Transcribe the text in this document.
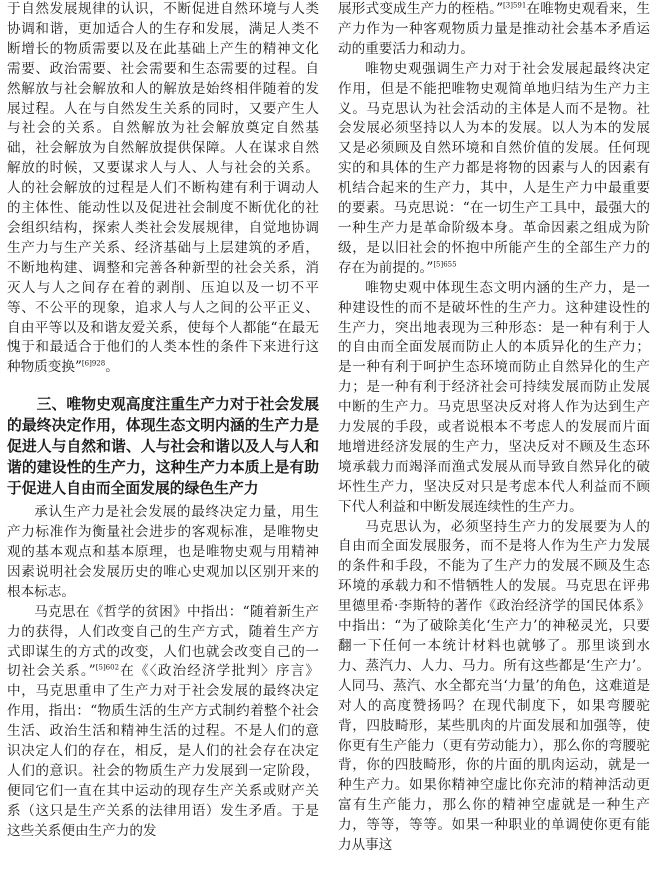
于自然发展规律的认识，不断促进自然环境与人类协调和谐，更加适合人的生存和发展，满足人类不断增长的物质需要以及在此基础上产生的精神文化需要、政治需要、社会需要和生态需要的过程。自然解放与社会解放和人的解放是始终相伴随着的发展过程。人在与自然发生关系的同时，又要产生人与社会的关系。自然解放为社会解放奠定自然基础，社会解放为自然解放提供保障。人在谋求自然解放的时候，又要谋求人与人、人与社会的关系。人的社会解放的过程是人们不断构建有利于调动人的主体性、能动性以及促进社会制度不断优化的社会组织结构，探索人类社会发展规律，自觉地协调生产力与生产关系、经济基础与上层建筑的矛盾，不断地构建、调整和完善各种新型的社会关系，消灭人与人之间存在着的剥削、压迫以及一切不平等、不公平的现象，追求人与人之间的公平正义、自由平等以及和谐友爱关系，使每个人都能“在最无愧于和最适合于他们的人类本性的条件下来进行这种物质变换”$^{[6]928}$。

三、唯物史观高度注重生产力对于社会发展的最终决定作用，体现生态文明内涵的生产力是促进人与自然和谐、人与社会和谐以及人与人和谐的建设性的生产力，这种生产力本质上是有助于促进人自由而全面发展的绿色生产力

承认生产力是社会发展的最终决定力量，用生产力标准作为衡量社会进步的客观标准，是唯物史观的基本观点和基本原理，也是唯物史观与用精神因素说明社会发展历史的唯心史观加以区别开来的根本标志。

马克思在《哲学的贫困》中指出：“随着新生产力的获得，人们改变自己的生产方式，随着生产方式即谋生的方式的改变，人们也就会改变自己的一切社会关系。”$^{[5]602}$在《〈政治经济学批判〉序言》中，马克思重申了生产力对于社会发展的最终决定作用，指出：“物质生活的生产方式制约着整个社会生活、政治生活和精神生活的过程。不是人们的意识决定人们的存在，相反，是人们的社会存在决定人们的意识。社会的物质生产力发展到一定阶段，便同它们一直在其中运动的现存生产关系或财产关系（这只是生产关系的法律用语）发生矛盾。于是这些关系便由生产力的发

展形式变成生产力的桎梏。”$^{[3]591}$在唯物史观看来，生产力作为一种客观物质力量是推动社会基本矛盾运动的重要活力和动力。

唯物史观强调生产力对于社会发展起最终决定作用，但是不能把唯物史观简单地归结为生产力主义。马克思认为社会活动的主体是人而不是物。社会发展必须坚持以人为本的发展。以人为本的发展又是必须顾及自然环境和自然价值的发展。任何现实的和具体的生产力都是将物的因素与人的因素有机结合起来的生产力，其中，人是生产力中最重要的要素。马克思说：“在一切生产工具中，最强大的一种生产力是革命阶级本身。革命因素之组成为阶级，是以旧社会的怀抱中所能产生的全部生产力的存在为前提的。”$^{[5]655}$

唯物史观中体现生态文明内涵的生产力，是一种建设性的而不是破坏性的生产力。这种建设性的生产力，突出地表现为三种形态：是一种有利于人的自由而全面发展而防止人的本质异化的生产力；是一种有利于呵护生态环境而防止自然异化的生产力；是一种有利于经济社会可持续发展而防止发展中断的生产力。马克思坚决反对将人作为达到生产力发展的手段，或者说根本不考虑人的发展而片面地增进经济发展的生产力，坚决反对不顾及生态环境承载力而竭泽而渔式发展从而导致自然异化的破坏性生产力，坚决反对只是考虑本代人利益而不顾下代人利益和中断发展连续性的生产力。

马克思认为，必须坚持生产力的发展要为人的自由而全面发展服务，而不是将人作为生产力发展的条件和手段，不能为了生产力的发展不顾及生态环境的承载力和不惜牺牲人的发展。马克思在评弗里德里希·李斯特的著作《政治经济学的国民体系》中指出：“为了破除美化‘生产力’的神秘灵光，只要翻一下任何一本统计材料也就够了。那里谈到水力、蒸汽力、人力、马力。所有这些都是‘生产力’。人同马、蒸汽、水全都充当‘力量’的角色，这难道是对人的高度赞扬吗？在现代制度下，如果弯腰驼背，四肢畸形，某些肌肉的片面发展和加强等，使你更有生产能力（更有劳动能力），那么你的弯腰驼背，你的四肢畸形，你的片面的肌肉运动，就是一种生产力。如果你精神空虚比你充沛的精神活动更富有生产能力，那么你的精神空虚就是一种生产力，等等，等等。如果一种职业的单调使你更有能力从事这
